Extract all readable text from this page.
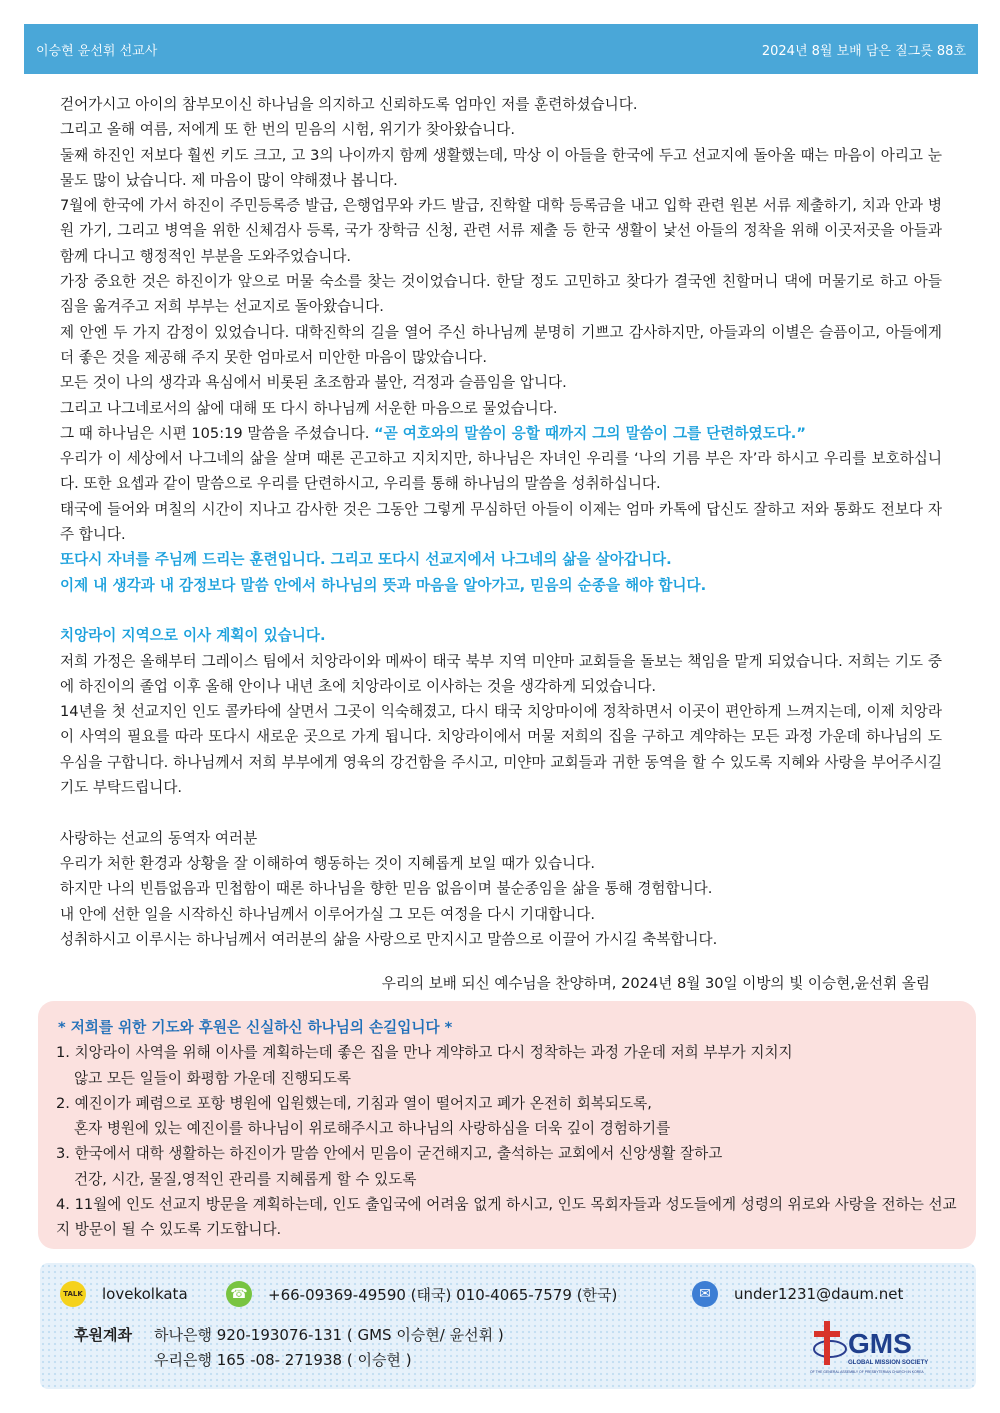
이승현 윤선휘 선교사	2024년 8월 보배 담은 질그릇 88호

걷어가시고 아이의 참부모이신 하나님을 의지하고 신뢰하도록 엄마인 저를 훈련하셨습니다.

그리고 올해 여름, 저에게 또 한 번의 믿음의 시험, 위기가 찾아왔습니다.

둘째 하진인 저보다 훨씬 키도 크고, 고 3의 나이까지 함께 생활했는데, 막상 이 아들을 한국에 두고 선교지에 돌아올 때는 마음이 아리고 눈물도 많이 났습니다. 제 마음이 많이 약해졌나 봅니다.

7월에 한국에 가서 하진이 주민등록증 발급, 은행업무와 카드 발급, 진학할 대학 등록금을 내고 입학 관련 원본 서류 제출하기, 치과 안과 병원 가기, 그리고 병역을 위한 신체검사 등록, 국가 장학금 신청, 관련 서류 제출 등 한국 생활이 낯선 아들의 정착을 위해 이곳저곳을 아들과 함께 다니고 행정적인 부분을 도와주었습니다.

가장 중요한 것은 하진이가 앞으로 머물 숙소를 찾는 것이었습니다. 한달 정도 고민하고 찾다가 결국엔 친할머니 댁에 머물기로 하고 아들 짐을 옮겨주고 저희 부부는 선교지로 돌아왔습니다.

제 안엔 두 가지 감정이 있었습니다. 대학진학의 길을 열어 주신 하나님께 분명히 기쁘고 감사하지만, 아들과의 이별은 슬픔이고, 아들에게 더 좋은 것을 제공해 주지 못한 엄마로서 미안한 마음이 많았습니다.

모든 것이 나의 생각과 욕심에서 비롯된 초조함과 불안, 걱정과 슬픔임을 압니다.

그리고 나그네로서의 삶에 대해 또 다시 하나님께 서운한 마음으로 물었습니다.

그 때 하나님은 시편 105:19 말씀을 주셨습니다. “곧 여호와의 말씀이 응할 때까지 그의 말씀이 그를 단련하였도다.”

우리가 이 세상에서 나그네의 삶을 살며 때론 곤고하고 지치지만, 하나님은 자녀인 우리를 ‘나의 기름 부은 자’라 하시고 우리를 보호하십니다. 또한 요셉과 같이 말씀으로 우리를 단련하시고, 우리를 통해 하나님의 말씀을 성취하십니다.

태국에 들어와 며칠의 시간이 지나고 감사한 것은 그동안 그렇게 무심하던 아들이 이제는 엄마 카톡에 답신도 잘하고 저와 통화도 전보다 자주 합니다.

또다시 자녀를 주님께 드리는 훈련입니다. 그리고 또다시 선교지에서 나그네의 삶을 살아갑니다.

이제 내 생각과 내 감정보다 말씀 안에서 하나님의 뜻과 마음을 알아가고, 믿음의 순종을 해야 합니다.

치앙라이 지역으로 이사 계획이 있습니다.

저희 가정은 올해부터 그레이스 팀에서 치앙라이와 메싸이 태국 북부 지역 미얀마 교회들을 돌보는 책임을 맡게 되었습니다. 저희는 기도 중에 하진이의 졸업 이후 올해 안이나 내년 초에 치앙라이로 이사하는 것을 생각하게 되었습니다.

14년을 첫 선교지인 인도 콜카타에 살면서 그곳이 익숙해졌고, 다시 태국 치앙마이에 정착하면서 이곳이 편안하게 느껴지는데, 이제 치앙라이 사역의 필요를 따라 또다시 새로운 곳으로 가게 됩니다. 치앙라이에서 머물 저희의 집을 구하고 계약하는 모든 과정 가운데 하나님의 도우심을 구합니다. 하나님께서 저희 부부에게 영육의 강건함을 주시고, 미얀마 교회들과 귀한 동역을 할 수 있도록 지혜와 사랑을 부어주시길 기도 부탁드립니다.

사랑하는 선교의 동역자 여러분

우리가 처한 환경과 상황을 잘 이해하여 행동하는 것이 지혜롭게 보일 때가 있습니다.

하지만 나의 빈틈없음과 민첩함이 때론 하나님을 향한 믿음 없음이며 불순종임을 삶을 통해 경험합니다.

내 안에 선한 일을 시작하신 하나님께서 이루어가실 그 모든 여정을 다시 기대합니다.

성취하시고 이루시는 하나님께서 여러분의 삶을 사랑으로 만지시고 말씀으로 이끌어 가시길 축복합니다.

우리의 보배 되신 예수님을 찬양하며, 2024년 8월 30일 이방의 빛 이승현,윤선휘 올림
* 저희를 위한 기도와 후원은 신실하신 하나님의 손길입니다 *
1. 치앙라이 사역을 위해 이사를 계획하는데 좋은 집을 만나 계약하고 다시 정착하는 과정 가운데 저희 부부가 지치지
않고 모든 일들이 화평함 가운데 진행되도록
2. 예진이가 폐렴으로 포항 병원에 입원했는데, 기침과 열이 떨어지고 폐가 온전히 회복되도록,
혼자 병원에 있는 예진이를 하나님이 위로해주시고 하나님의 사랑하심을 더욱 깊이 경험하기를
3. 한국에서 대학 생활하는 하진이가 말씀 안에서 믿음이 굳건해지고, 출석하는 교회에서 신앙생활 잘하고
건강, 시간, 물질,영적인 관리를 지혜롭게 할 수 있도록
4. 11월에 인도 선교지 방문을 계획하는데, 인도 출입국에 어려움 없게 하시고, 인도 목회자들과 성도들에게 성령의 위로와 사랑을 전하는 선교지 방문이 될 수 있도록 기도합니다.
TALK lovekolkata	☎ +66-09369-49590 (태국) 010-4065-7579 (한국)	✉	under1231@daum.net
후원계좌 하나은행 920-193076-131 ( GMS 이승현/ 윤선휘 )
우리은행 165 -08- 271938 ( 이승현 )
GMS
GLOBAL MISSION SOCIETY
OF THE GENERAL ASSEMBLY OF PRESBYTERIAN CHURCH IN KOREA
